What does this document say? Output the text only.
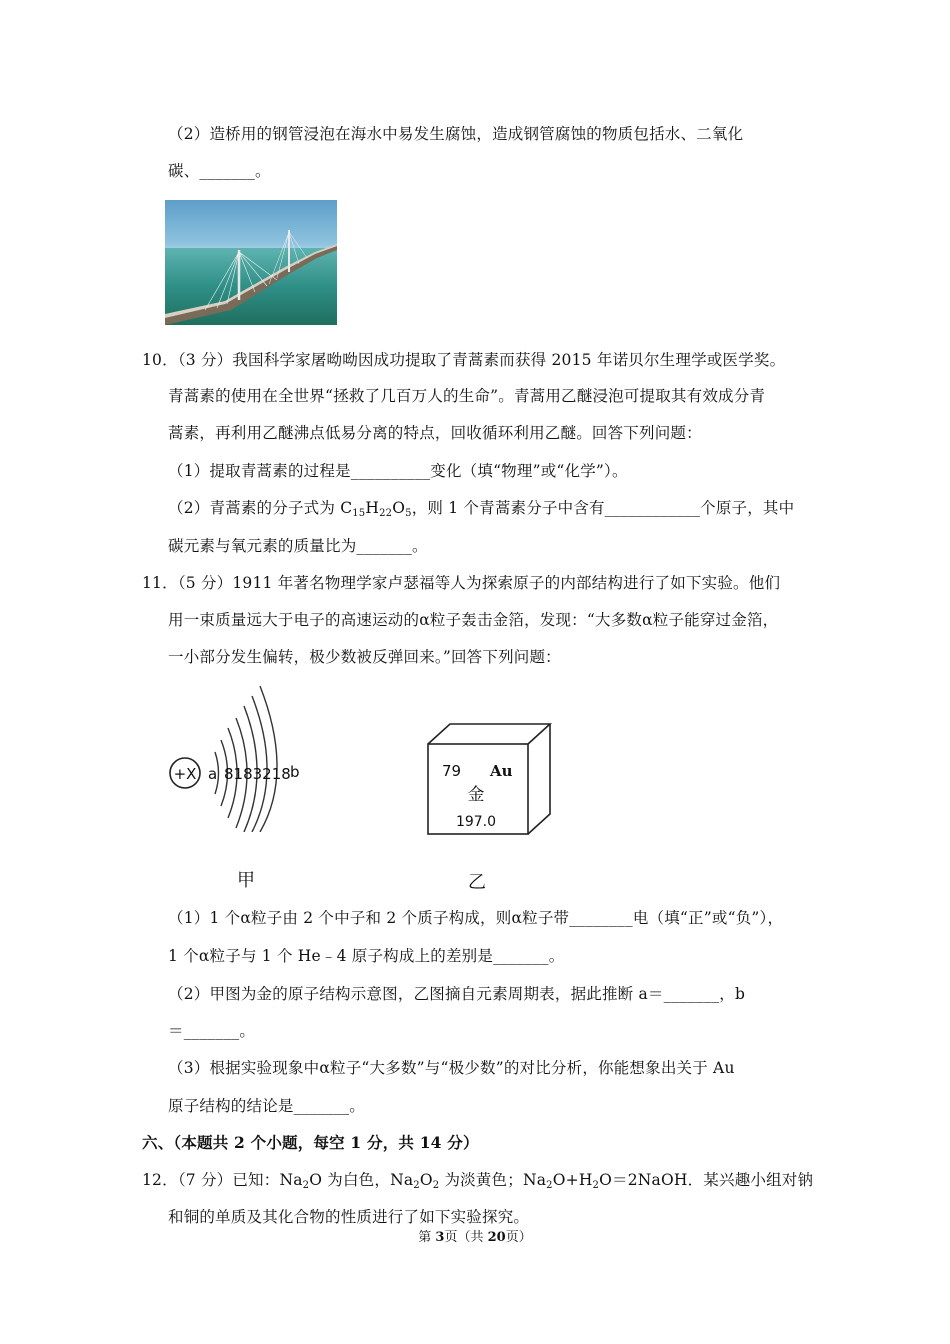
（2）造桥用的钢管浸泡在海水中易发生腐蚀，造成钢管腐蚀的物质包括水、二氧化
碳、_______。
10．（3 分）我国科学家屠呦呦因成功提取了青蒿素而获得 2015 年诺贝尔生理学或医学奖。
青蒿素的使用在全世界“拯救了几百万人的生命”。青蒿用乙醚浸泡可提取其有效成分青
蒿素，再利用乙醚沸点低易分离的特点，回收循环利用乙醚。回答下列问题：
（1）提取青蒿素的过程是__________变化（填“物理”或“化学”）。
（2）青蒿素的分子式为 $C_{15}H_{22}O_5$，则 1 个青蒿素分子中含有____________个原子，其中
碳元素与氧元素的质量比为_______。
11．（5 分）1911 年著名物理学家卢瑟福等人为探索原子的内部结构进行了如下实验。他们
用一束质量远大于电子的高速运动的α粒子轰击金箔，发现：“大多数α粒子能穿过金箔，
一小部分发生偏转，极少数被反弹回来。”回答下列问题：
+X a 8183218 b
甲
79 Au
金
197.0
乙
（1）1 个α粒子由 2 个中子和 2 个质子构成，则α粒子带________电（填“正”或“负”），
1 个α粒子与 1 个 He﹣4 原子构成上的差别是_______。
（2）甲图为金的原子结构示意图，乙图摘自元素周期表，据此推断 a＝_______，b
＝_______。
（3）根据实验现象中α粒子“大多数”与“极少数”的对比分析，你能想象出关于 Au
原子结构的结论是_______。
六、（本题共 2 个小题，每空 1 分，共 14 分）
12．（7 分）已知：$Na_2O$ 为白色，$Na_2O_2$ 为淡黄色；$Na_2O+H_2O=2NaOH$．某兴趣小组对钠
和铜的单质及其化合物的性质进行了如下实验探究。
第 3页（共 20页）
